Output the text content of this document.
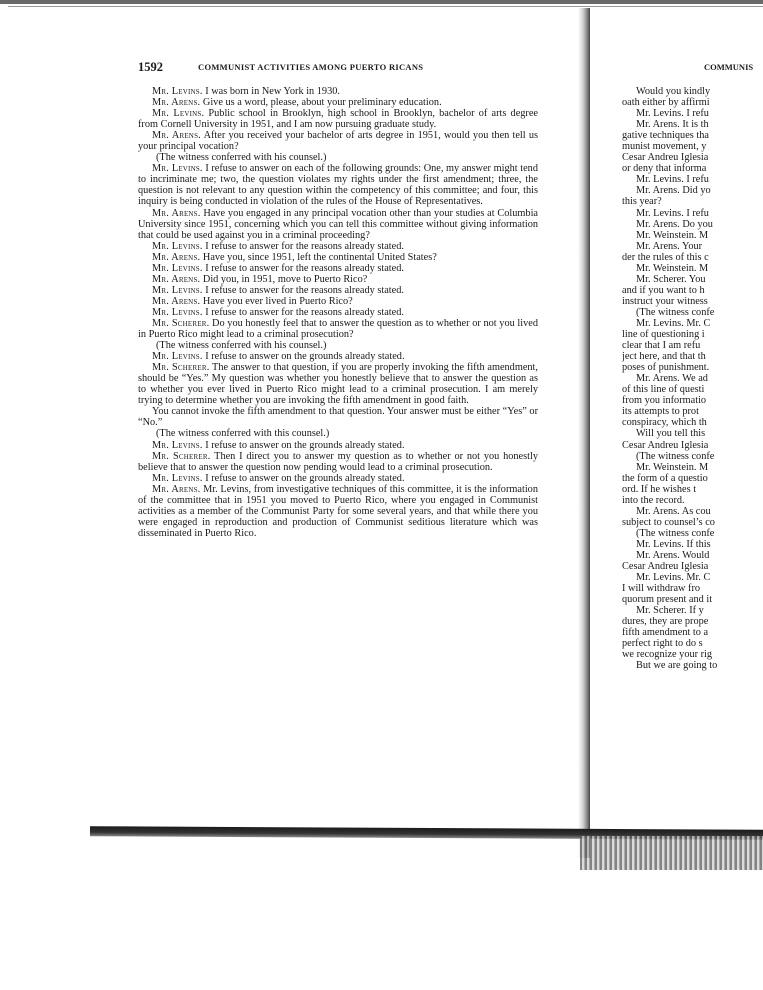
1592	COMMUNIST ACTIVITIES AMONG PUERTO RICANS

Mr. Levins. I was born in New York in 1930.

Mr. Arens. Give us a word, please, about your preliminary education.

Mr. Levins. Public school in Brooklyn, high school in Brooklyn, bachelor of arts degree from Cornell University in 1951, and I am now pursuing graduate study.

Mr. Arens. After you received your bachelor of arts degree in 1951, would you then tell us your principal vocation?

(The witness conferred with his counsel.)

Mr. Levins. I refuse to answer on each of the following grounds: One, my answer might tend to incriminate me; two, the question violates my rights under the first amendment; three, the question is not relevant to any question within the competency of this committee; and four, this inquiry is being conducted in violation of the rules of the House of Representatives.

Mr. Arens. Have you engaged in any principal vocation other than your studies at Columbia University since 1951, concerning which you can tell this committee without giving information that could be used against you in a criminal proceeding?

Mr. Levins. I refuse to answer for the reasons already stated.

Mr. Arens. Have you, since 1951, left the continental United States?

Mr. Levins. I refuse to answer for the reasons already stated.

Mr. Arens. Did you, in 1951, move to Puerto Rico?

Mr. Levins. I refuse to answer for the reasons already stated.

Mr. Arens. Have you ever lived in Puerto Rico?

Mr. Levins. I refuse to answer for the reasons already stated.

Mr. Scherer. Do you honestly feel that to answer the question as to whether or not you lived in Puerto Rico might lead to a criminal prosecution?

(The witness conferred with his counsel.)

Mr. Levins. I refuse to answer on the grounds already stated.

Mr. Scherer. The answer to that question, if you are properly invoking the fifth amendment, should be “Yes.” My question was whether you honestly believe that to answer the question as to whether you ever lived in Puerto Rico might lead to a criminal prosecution. I am merely trying to determine whether you are invoking the fifth amendment in good faith.

You cannot invoke the fifth amendment to that question. Your answer must be either “Yes” or “No.”

(The witness conferred with this counsel.)

Mr. Levins. I refuse to answer on the grounds already stated.

Mr. Scherer. Then I direct you to answer my question as to whether or not you honestly believe that to answer the question now pending would lead to a criminal prosecution.

Mr. Levins. I refuse to answer on the grounds already stated.

Mr. Arens. Mr. Levins, from investigative techniques of this committee, it is the information of the committee that in 1951 you moved to Puerto Rico, where you engaged in Communist activities as a member of the Communist Party for some several years, and that while there you were engaged in reproduction and production of Communist seditious literature which was disseminated in Puerto Rico.

COMMUNIS
Would you kindly
oath either by affirmi
Mr. Levins. I refu
Mr. Arens. It is th
gative techniques tha
munist movement, y
Cesar Andreu Iglesia
or deny that informa
Mr. Levins. I refu
Mr. Arens. Did yo
this year?
Mr. Levins. I refu
Mr. Arens. Do you
Mr. Weinstein. M
Mr. Arens. Your
der the rules of this c
Mr. Weinstein. M
Mr. Scherer. You
and if you want to h
instruct your witness
(The witness confe
Mr. Levins. Mr. C
line of questioning i
clear that I am refu
ject here, and that th
poses of punishment.
Mr. Arens. We ad
of this line of questi
from you informatio
its attempts to prot
conspiracy, which th
Will you tell this
Cesar Andreu Iglesia
(The witness confe
Mr. Weinstein. M
the form of a questio
ord. If he wishes t
into the record.
Mr. Arens. As cou
subject to counsel’s co
(The witness confe
Mr. Levins. If this
Mr. Arens. Would
Cesar Andreu Iglesia
Mr. Levins. Mr. C
I will withdraw fro
quorum present and it
Mr. Scherer. If y
dures, they are prope
fifth amendment to a
perfect right to do s
we recognize your rig
But we are going to
